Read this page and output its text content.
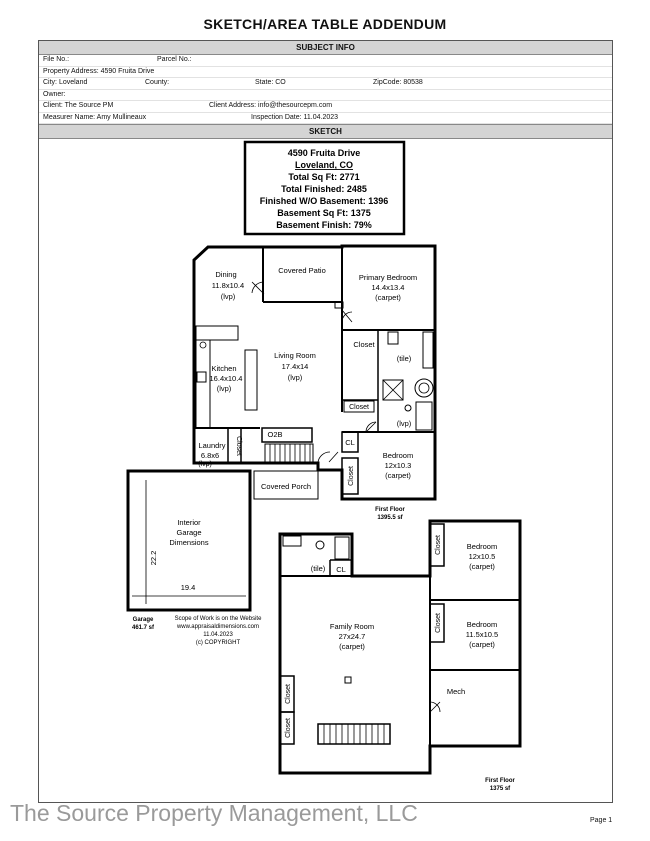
SKETCH/AREA TABLE ADDENDUM
SUBJECT INFO
File No.:	Parcel No.:
Property Address: 4590 Fruita Drive
City: Loveland	County:	State: CO	ZipCode: 80538
Owner:
Client: The Source PM	Client Address: info@thesourcepm.com
Measurer Name: Amy Mullineaux	Inspection Date: 11.04.2023
SKETCH
4590 Fruita Drive
Loveland, CO
Total Sq Ft: 2771
Total Finished: 2485
Finished W/O Basement: 1396
Basement Sq Ft: 1375
Basement Finish: 79%
Dining
11.8x10.4
(lvp)
Covered Patio
Primary Bedroom
14.4x13.4
(carpet)
Closet
(tile)
Closet
(lvp)
Living Room
17.4x14
(lvp)
Kitchen
16.4x10.4
(lvp)
Laundry
6.8x6
(lvp)
Closet
O2B
CL
Bedroom
12x10.3
(carpet)
Closet
Covered Porch
First Floor
1395.5 sf
Interior
Garage
Dimensions
22.2
19.4
Garage
461.7 sf
Scope of Work is on the Website
www.appraisaldimensions.com
11.04.2023
(c) COPYRIGHT
(tile) CL
Bedroom
12x10.5
(carpet)
Closet
Bedroom
11.5x10.5
(carpet)
Closet
Family Room
27x24.7
(carpet)
Mech
Closet
Closet
First Floor
1375 sf
The Source Property Management, LLC	Page 1
